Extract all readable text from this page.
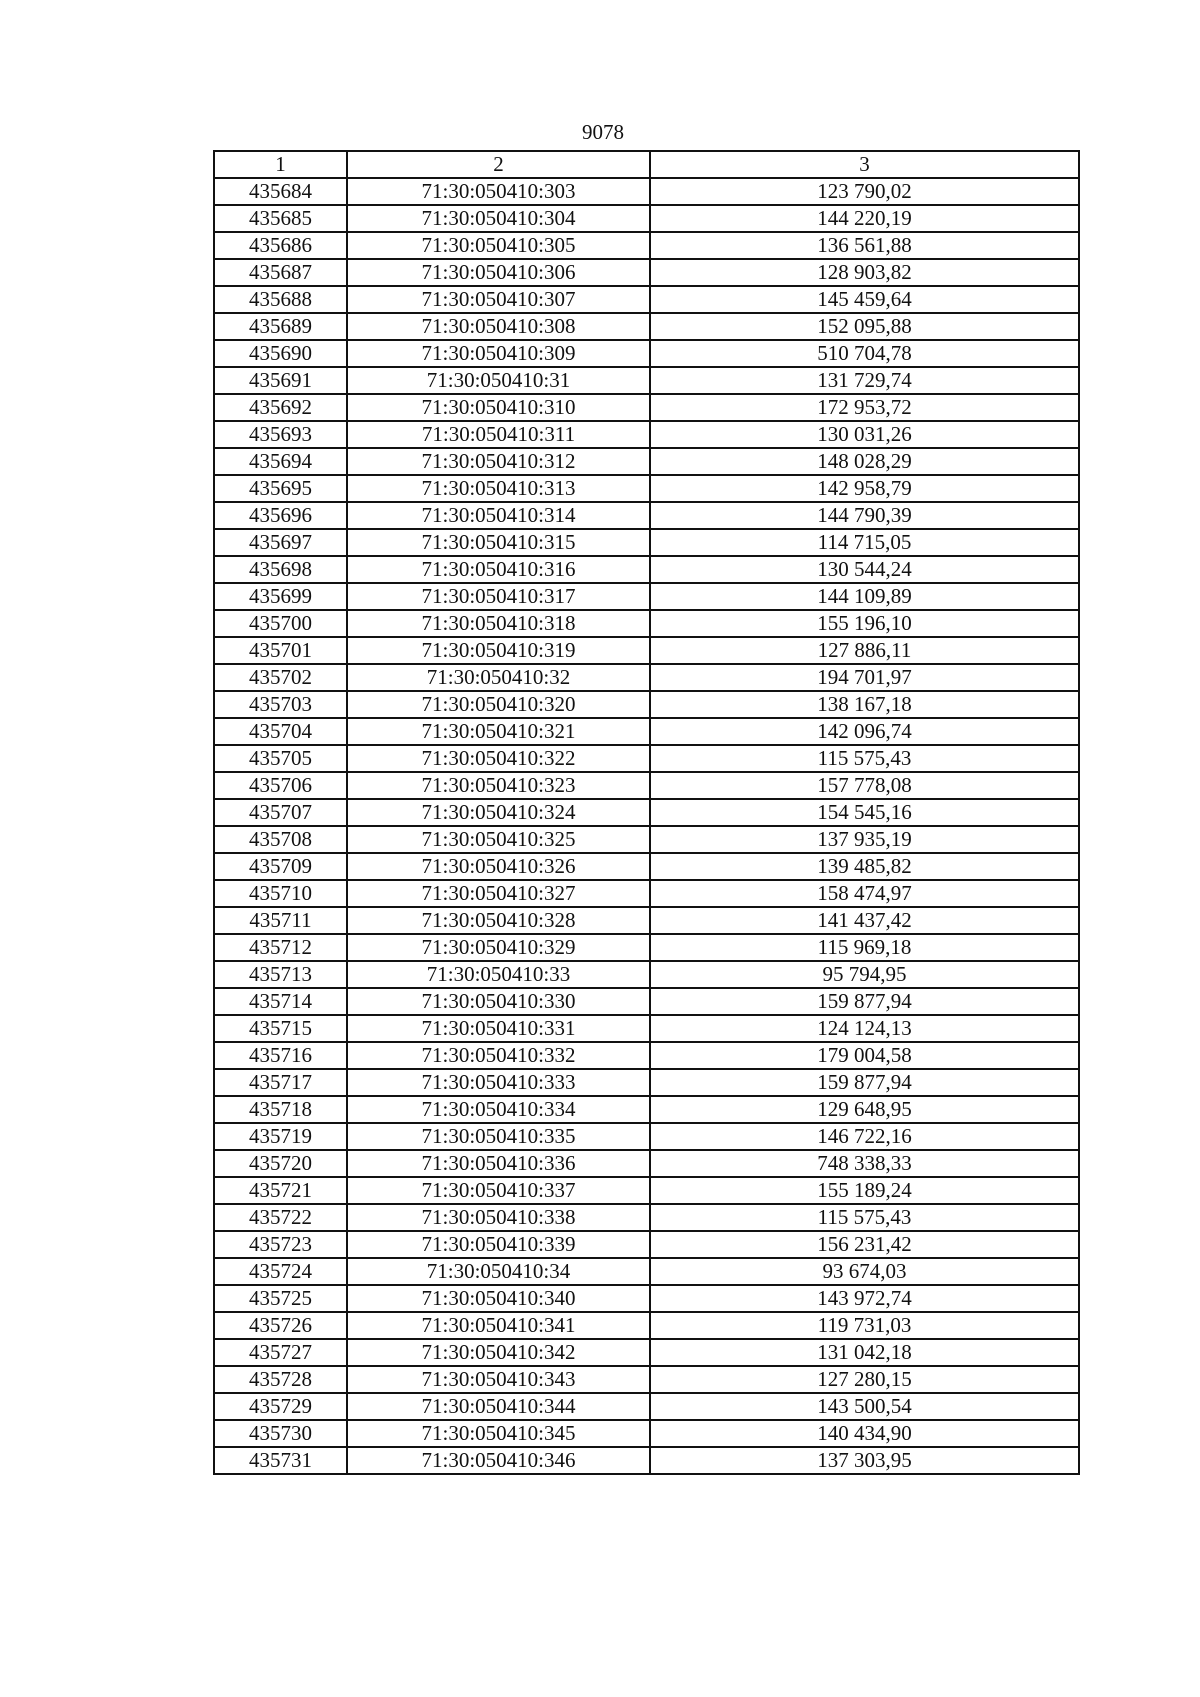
9078
1	2	3
435684	71:30:050410:303	123 790,02
435685	71:30:050410:304	144 220,19
435686	71:30:050410:305	136 561,88
435687	71:30:050410:306	128 903,82
435688	71:30:050410:307	145 459,64
435689	71:30:050410:308	152 095,88
435690	71:30:050410:309	510 704,78
435691	71:30:050410:31	131 729,74
435692	71:30:050410:310	172 953,72
435693	71:30:050410:311	130 031,26
435694	71:30:050410:312	148 028,29
435695	71:30:050410:313	142 958,79
435696	71:30:050410:314	144 790,39
435697	71:30:050410:315	114 715,05
435698	71:30:050410:316	130 544,24
435699	71:30:050410:317	144 109,89
435700	71:30:050410:318	155 196,10
435701	71:30:050410:319	127 886,11
435702	71:30:050410:32	194 701,97
435703	71:30:050410:320	138 167,18
435704	71:30:050410:321	142 096,74
435705	71:30:050410:322	115 575,43
435706	71:30:050410:323	157 778,08
435707	71:30:050410:324	154 545,16
435708	71:30:050410:325	137 935,19
435709	71:30:050410:326	139 485,82
435710	71:30:050410:327	158 474,97
435711	71:30:050410:328	141 437,42
435712	71:30:050410:329	115 969,18
435713	71:30:050410:33	95 794,95
435714	71:30:050410:330	159 877,94
435715	71:30:050410:331	124 124,13
435716	71:30:050410:332	179 004,58
435717	71:30:050410:333	159 877,94
435718	71:30:050410:334	129 648,95
435719	71:30:050410:335	146 722,16
435720	71:30:050410:336	748 338,33
435721	71:30:050410:337	155 189,24
435722	71:30:050410:338	115 575,43
435723	71:30:050410:339	156 231,42
435724	71:30:050410:34	93 674,03
435725	71:30:050410:340	143 972,74
435726	71:30:050410:341	119 731,03
435727	71:30:050410:342	131 042,18
435728	71:30:050410:343	127 280,15
435729	71:30:050410:344	143 500,54
435730	71:30:050410:345	140 434,90
435731	71:30:050410:346	137 303,95
